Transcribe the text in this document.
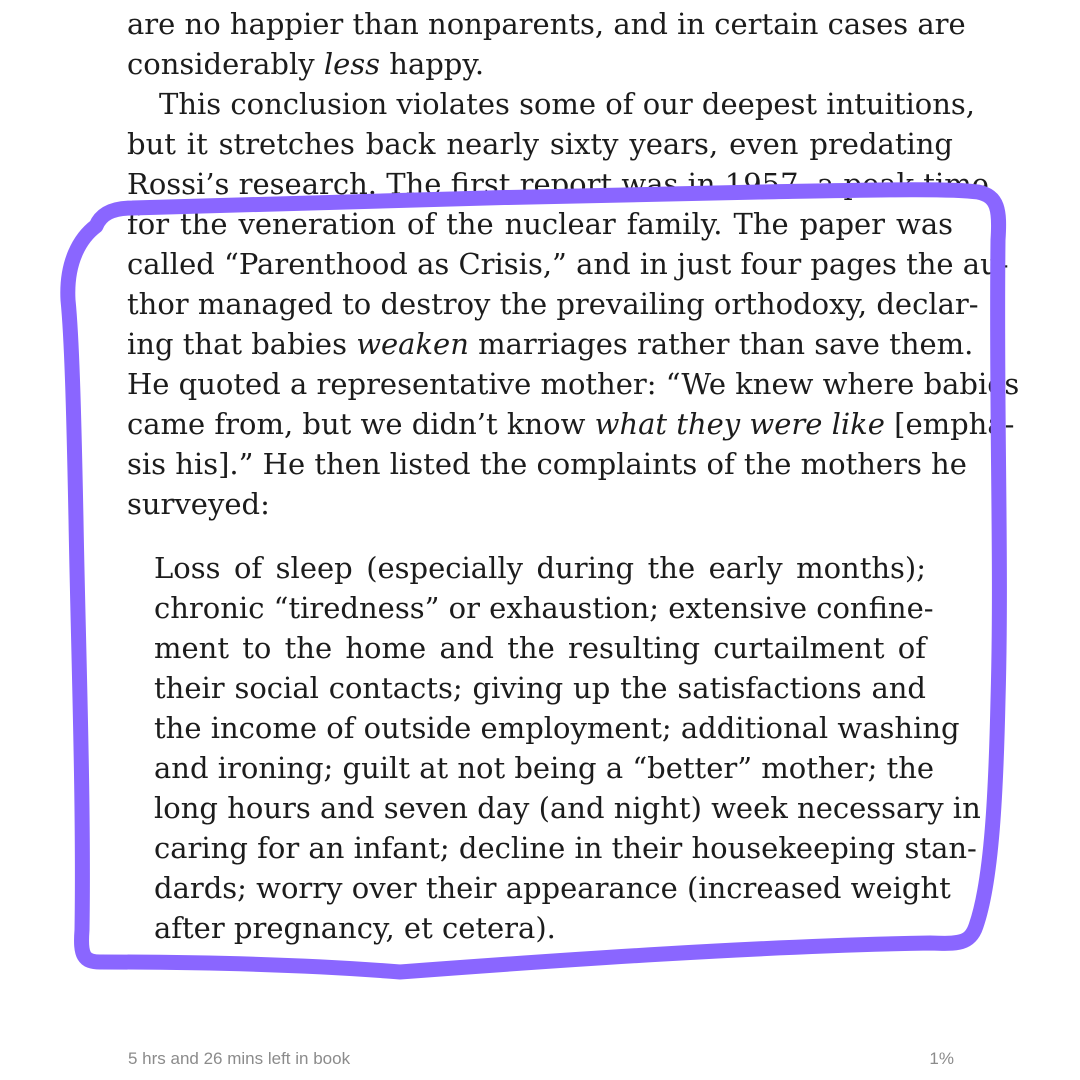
are no happier than nonparents, and in certain cases are
considerably less happy.
This conclusion violates some of our deepest intuitions,
but it stretches back nearly sixty years, even predating
Rossi’s research. The first report was in 1957, a peak time
for the veneration of the nuclear family. The paper was
called “Parenthood as Crisis,” and in just four pages the au-
thor managed to destroy the prevailing orthodoxy, declar-
ing that babies weaken marriages rather than save them.
He quoted a representative mother: “We knew where babies
came from, but we didn’t know what they were like [empha-
sis his].” He then listed the complaints of the mothers he
surveyed:
Loss of sleep (especially during the early months);
chronic “tiredness” or exhaustion; extensive confine-
ment to the home and the resulting curtailment of
their social contacts; giving up the satisfactions and
the income of outside employment; additional washing
and ironing; guilt at not being a “better” mother; the
long hours and seven day (and night) week necessary in
caring for an infant; decline in their housekeeping stan-
dards; worry over their appearance (increased weight
after pregnancy, et cetera).
5 hrs and 26 mins left in book	1%
